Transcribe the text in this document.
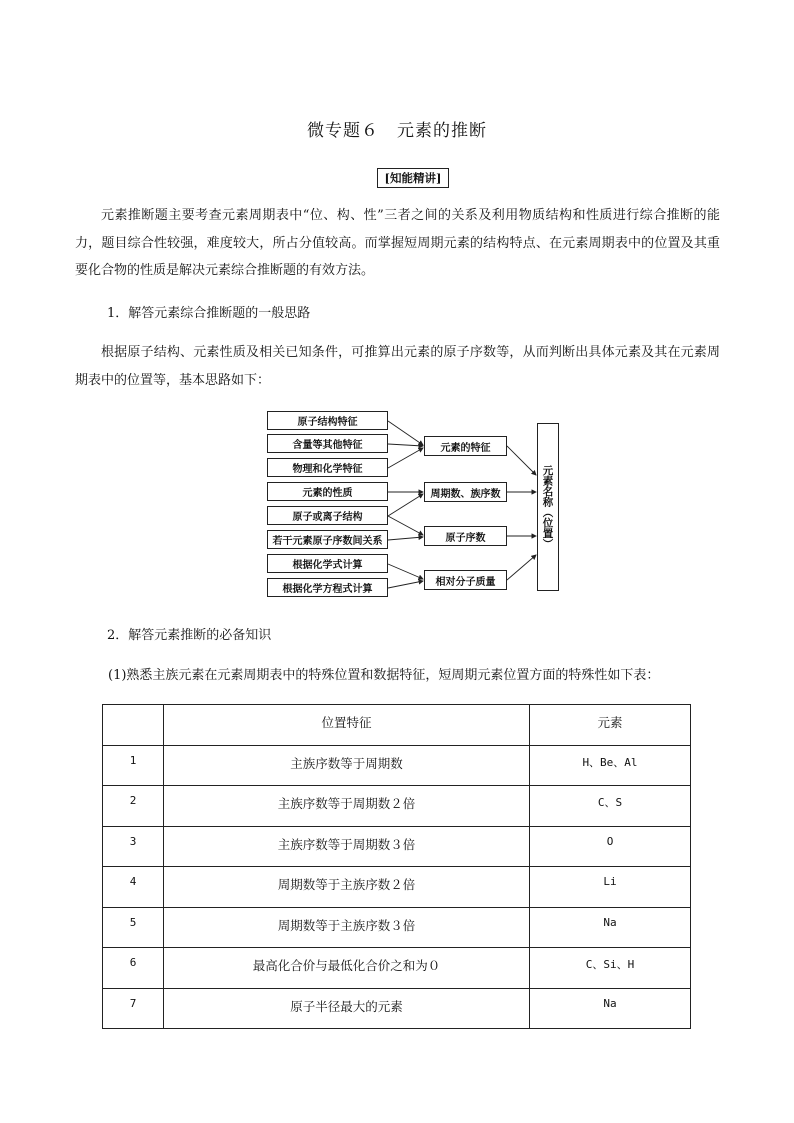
微专题６　元素的推断
[知能精讲]
元素推断题主要考查元素周期表中“位、构、性”三者之间的关系及利用物质结构和性质进行综合推断的能力，题目综合性较强，难度较大，所占分值较高。而掌握短周期元素的结构特点、在元素周期表中的位置及其重要化合物的性质是解决元素综合推断题的有效方法。
1．解答元素综合推断题的一般思路
根据原子结构、元素性质及相关已知条件，可推算出元素的原子序数等，从而判断出具体元素及其在元素周期表中的位置等，基本思路如下：
原子结构特征
含量等其他特征
物理和化学特征
元素的性质
原子或离子结构
若干元素原子序数间关系
根据化学式计算
根据化学方程式计算
元素的特征
周期数、族序数
原子序数
相对分子质量
元素名称（位置）
2．解答元素推断的必备知识
(1)熟悉主族元素在元素周期表中的特殊位置和数据特征，短周期元素位置方面的特殊性如下表：
	位置特征	元素
1	主族序数等于周期数	H、Be、Al
2	主族序数等于周期数２倍	C、S
3	主族序数等于周期数３倍	O
4	周期数等于主族序数２倍	Li
5	周期数等于主族序数３倍	Na
6	最高化合价与最低化合价之和为０	C、Si、H
7	原子半径最大的元素	Na
